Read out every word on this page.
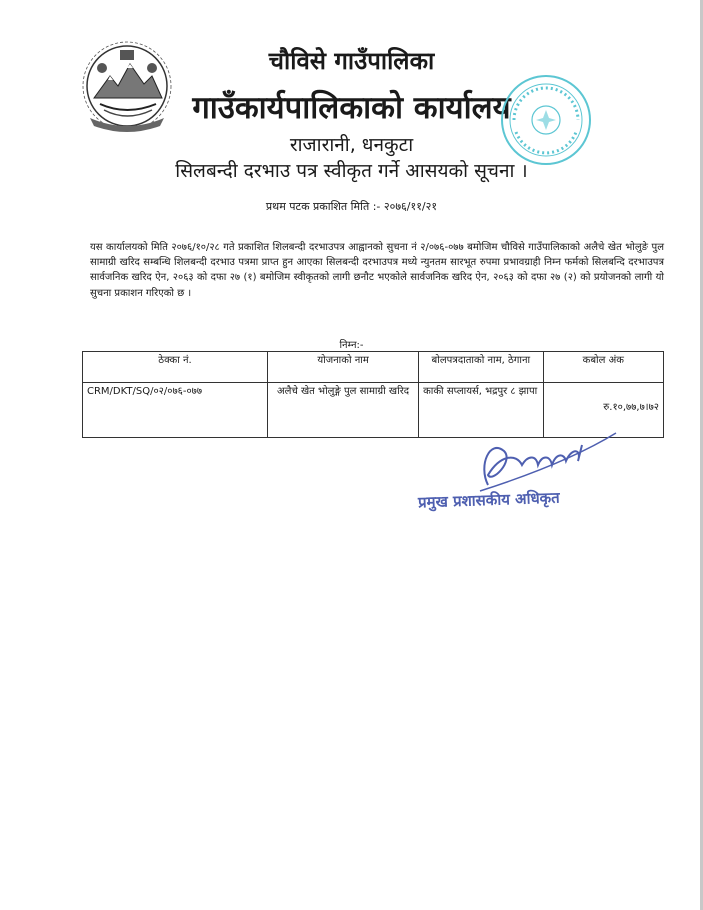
चौविसे गाउँपालिका
गाउँकार्यपालिकाको कार्यालय
राजारानी, धनकुटा
सिलबन्दी दरभाउ पत्र स्वीकृत गर्ने आसयको सूचना ।
प्रथम पटक प्रकाशित मिति :- २०७६/११/२१
यस कार्यालयको मिति २०७६/१०/२८ गते प्रकाशित शिलबन्दी दरभाउपत्र आह्वानको सुचना नं २/०७६-०७७ बमोजिम चौविसे गाउँपालिकाको अलैचे खेत भोलुङे पुल सामाग्री खरिद सम्बन्धि शिलबन्दी दरभाउ पत्रमा प्राप्त हुन आएका सिलबन्दी दरभाउपत्र मध्ये न्युनतम सारभूत रुपमा प्रभावग्राही निम्न फर्मको सिलबन्दि दरभाउपत्र सार्वजनिक खरिद ऐन, २०६३ को दफा २७ (१) बमोजिम स्वीकृतको लागी छनौट भएकोले सार्वजनिक खरिद ऐन, २०६३ को दफा २७ (२) को प्रयोजनको लागी यो सुचना प्रकाशन गरिएको छ ।
निम्न:-
ठेक्का नं.	योजनाको नाम	बोलपत्रदाताको नाम, ठेगाना	कबोल अंक
CRM/DKT/SQ/०२/०७६-०७७	अलैचे खेत भोलुङ्गे पुल सामाग्री खरिद	काकी सप्लायर्स, भद्रपुर ८ झापा	रु.१०,७७,७।७२
प्रमुख प्रशासकीय अधिकृत
